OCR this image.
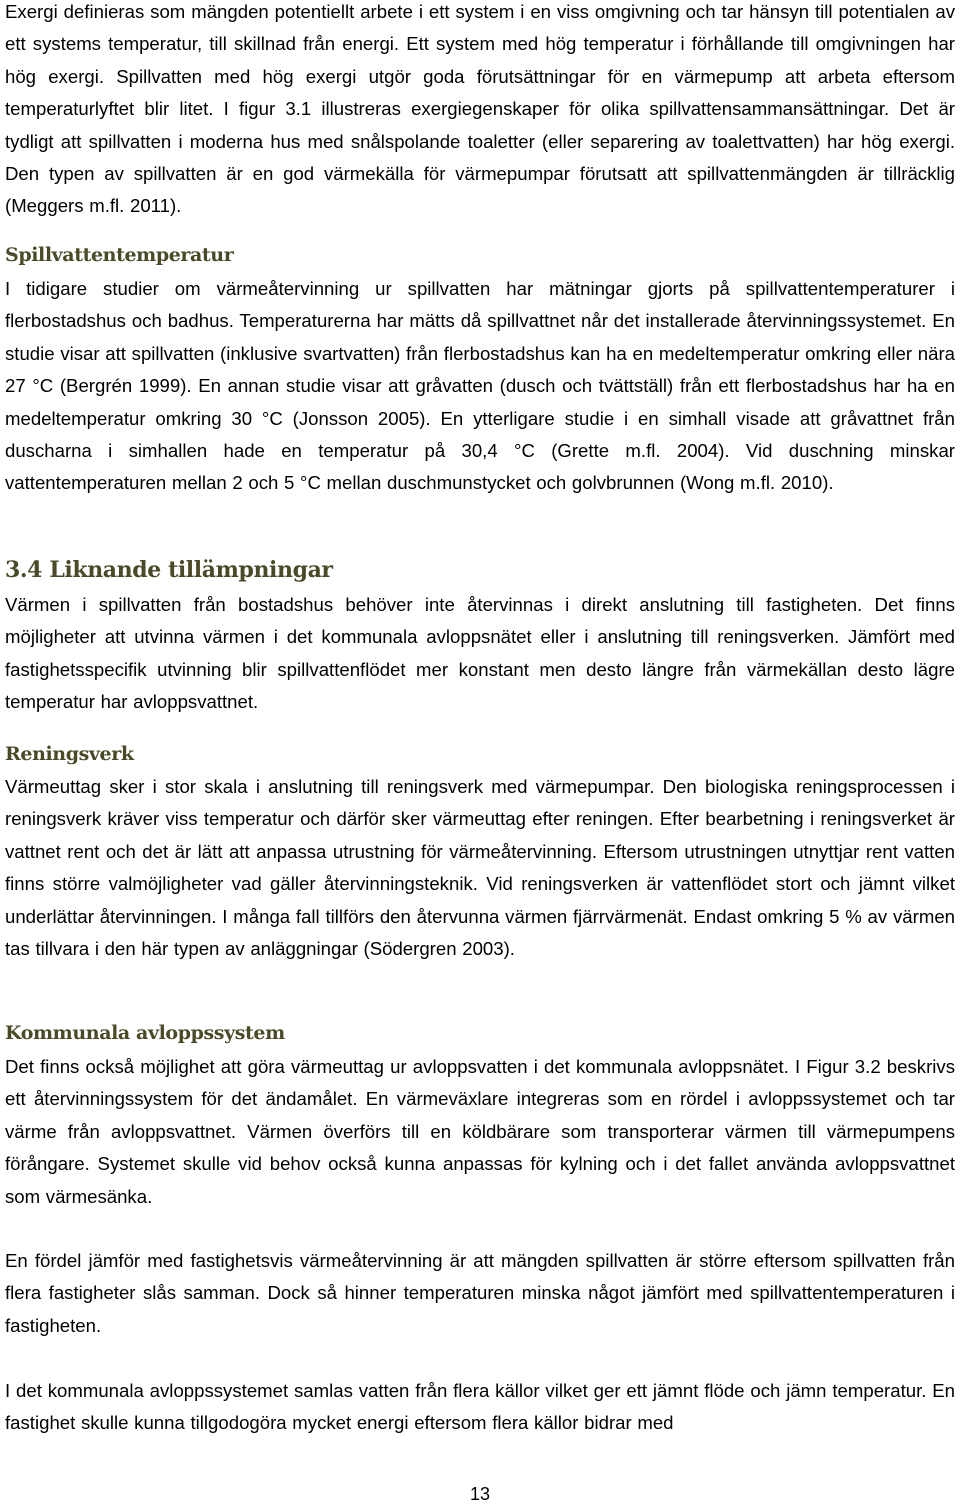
Exergi definieras som mängden potentiellt arbete i ett system i en viss omgivning och tar hänsyn till potentialen av ett systems temperatur, till skillnad från energi. Ett system med hög temperatur i förhållande till omgivningen har hög exergi. Spillvatten med hög exergi utgör goda förutsättningar för en värmepump att arbeta eftersom temperaturlyftet blir litet. I figur 3.1 illustreras exergiegenskaper för olika spillvattensammansättningar. Det är tydligt att spillvatten i moderna hus med snålspolande toaletter (eller separering av toalettvatten) har hög exergi. Den typen av spillvatten är en god värmekälla för värmepumpar förutsatt att spillvattenmängden är tillräcklig (Meggers m.fl. 2011).

Spillvattentemperatur

I tidigare studier om värmeåtervinning ur spillvatten har mätningar gjorts på spillvattentemperaturer i flerbostadshus och badhus. Temperaturerna har mätts då spillvattnet når det installerade återvinningssystemet. En studie visar att spillvatten (inklusive svartvatten) från flerbostadshus kan ha en medeltemperatur omkring eller nära 27 °C (Bergrén 1999). En annan studie visar att gråvatten (dusch och tvättställ) från ett flerbostadshus har ha en medeltemperatur omkring 30 °C (Jonsson 2005). En ytterligare studie i en simhall visade att gråvattnet från duscharna i simhallen hade en temperatur på 30,4 °C (Grette m.fl. 2004). Vid duschning minskar vattentemperaturen mellan 2 och 5 °C mellan duschmunstycket och golvbrunnen (Wong m.fl. 2010).

3.4 Liknande tillämpningar

Värmen i spillvatten från bostadshus behöver inte återvinnas i direkt anslutning till fastigheten. Det finns möjligheter att utvinna värmen i det kommunala avloppsnätet eller i anslutning till reningsverken. Jämfört med fastighetsspecifik utvinning blir spillvattenflödet mer konstant men desto längre från värmekällan desto lägre temperatur har avloppsvattnet.

Reningsverk

Värmeuttag sker i stor skala i anslutning till reningsverk med värmepumpar. Den biologiska reningsprocessen i reningsverk kräver viss temperatur och därför sker värmeuttag efter reningen. Efter bearbetning i reningsverket är vattnet rent och det är lätt att anpassa utrustning för värmeåtervinning. Eftersom utrustningen utnyttjar rent vatten finns större valmöjligheter vad gäller återvinningsteknik. Vid reningsverken är vattenflödet stort och jämnt vilket underlättar återvinningen. I många fall tillförs den återvunna värmen fjärrvärmenät. Endast omkring 5 % av värmen tas tillvara i den här typen av anläggningar (Södergren 2003).

Kommunala avloppssystem

Det finns också möjlighet att göra värmeuttag ur avloppsvatten i det kommunala avloppsnätet. I Figur 3.2 beskrivs ett återvinningssystem för det ändamålet. En värmeväxlare integreras som en rördel i avloppssystemet och tar värme från avloppsvattnet. Värmen överförs till en köldbärare som transporterar värmen till värmepumpens förångare. Systemet skulle vid behov också kunna anpassas för kylning och i det fallet använda avloppsvattnet som värmesänka.

En fördel jämför med fastighetsvis värmeåtervinning är att mängden spillvatten är större eftersom spillvatten från flera fastigheter slås samman. Dock så hinner temperaturen minska något jämfört med spillvattentemperaturen i fastigheten.

I det kommunala avloppssystemet samlas vatten från flera källor vilket ger ett jämnt flöde och jämn temperatur. En fastighet skulle kunna tillgodogöra mycket energi eftersom flera källor bidrar med

13
